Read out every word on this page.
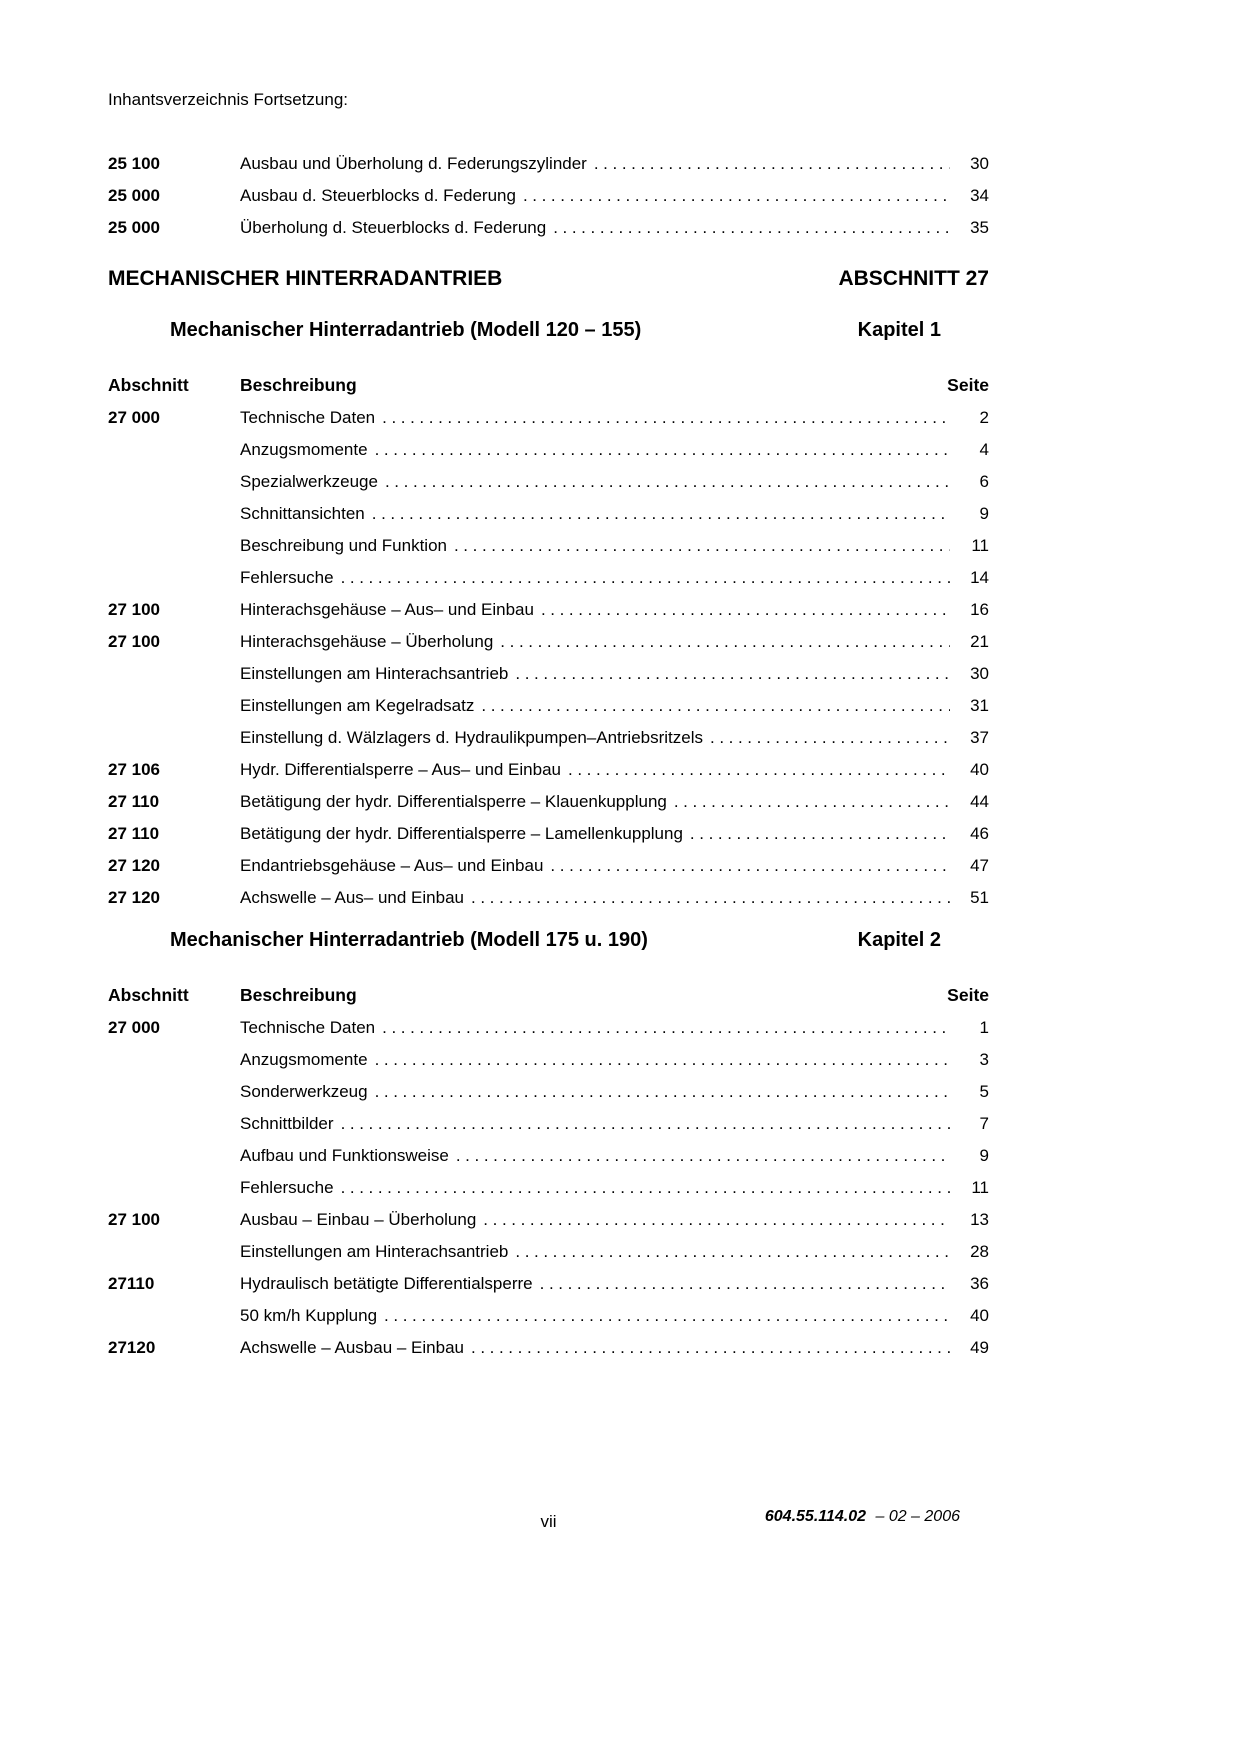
Inhantsverzeichnis Fortsetzung:

25 100	Ausbau und Überholung d. Federungszylinder .....	30
25 000	Ausbau d. Steuerblocks d. Federung .....	34
25 000	Überholung d. Steuerblocks d. Federung .....	35
MECHANISCHER HINTERRADANTRIEB	ABSCHNITT 27
Mechanischer Hinterradantrieb (Modell 120 – 155)	Kapitel 1
Abschnitt	Beschreibung	Seite
27 000	Technische Daten .....	2
Anzugsmomente .....	4
Spezialwerkzeuge .....	6
Schnittansichten .....	9
Beschreibung und Funktion .....	11
Fehlersuche .....	14
27 100	Hinterachsgehäuse – Aus– und Einbau .....	16
27 100	Hinterachsgehäuse – Überholung .....	21
Einstellungen am Hinterachsantrieb .....	30
Einstellungen am Kegelradsatz .....	31
Einstellung d. Wälzlagers d. Hydraulikpumpen–Antriebsritzels .....	37
27 106	Hydr. Differentialsperre – Aus– und Einbau .....	40
27 110	Betätigung der hydr. Differentialsperre – Klauenkupplung .....	44
27 110	Betätigung der hydr. Differentialsperre – Lamellenkupplung .....	46
27 120	Endantriebsgehäuse – Aus– und Einbau .....	47
27 120	Achswelle – Aus– und Einbau .....	51
Mechanischer Hinterradantrieb (Modell 175 u. 190)	Kapitel 2
Abschnitt	Beschreibung	Seite
27 000	Technische Daten .....	1
Anzugsmomente .....	3
Sonderwerkzeug .....	5
Schnittbilder .....	7
Aufbau und Funktionsweise .....	9
Fehlersuche .....	11
27 100	Ausbau – Einbau – Überholung .....	13
Einstellungen am Hinterachsantrieb .....	28
27110	Hydraulisch betätigte Differentialsperre .....	36
50 km/h Kupplung .....	40
27120	Achswelle – Ausbau – Einbau .....	49
vii	604.55.114.02 – 02 – 2006
